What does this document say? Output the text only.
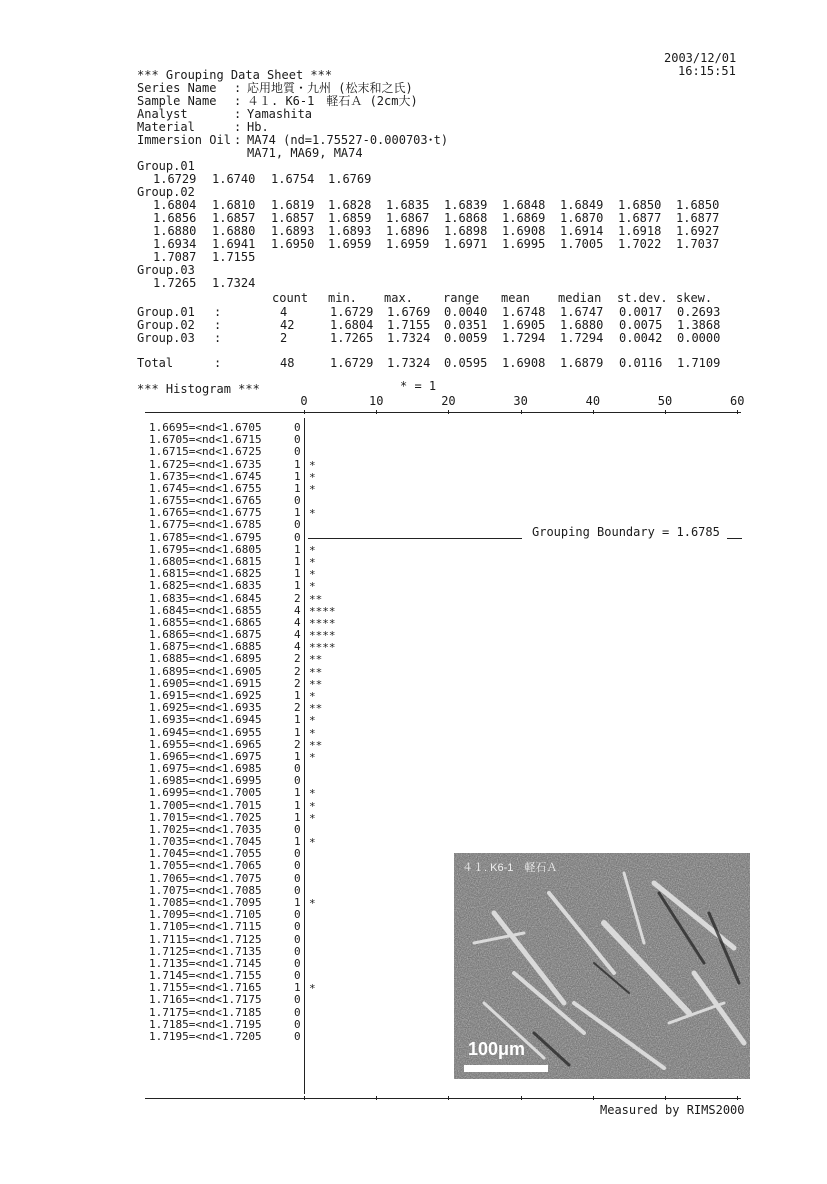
2003/12/01
16:15:51
*** Grouping Data Sheet ***
Series Name : 応用地質・九州 (松末和之氏)
Sample Name : ４１. K6-1　軽石Ａ (2cm大)
Analyst	: Yamashita
Material	: Hb.
Immersion Oil : MA74 (nd=1.75527-0.000703･t)
MA71, MA69, MA74
Group.01
1.6729 1.6740 1.6754 1.6769
Group.02
1.6804 1.6810 1.6819 1.6828 1.6835 1.6839 1.6848 1.6849 1.6850 1.6850
1.6856 1.6857 1.6857 1.6859 1.6867 1.6868 1.6869 1.6870 1.6877 1.6877
1.6880 1.6880 1.6893 1.6893 1.6896 1.6898 1.6908 1.6914 1.6918 1.6927
1.6934 1.6941 1.6950 1.6959 1.6959 1.6971 1.6995 1.7005 1.7022 1.7037
1.7087 1.7155
Group.03
1.7265 1.7324
count min. max.	range mean median st.dev. skew.
Group.01 :	4	1.6729 1.6769 0.0040 1.6748 1.6747 0.0017 0.2693
Group.02 :	42	1.6804 1.7155 0.0351 1.6905 1.6880 0.0075 1.3868
Group.03 :	2	1.7265 1.7324 0.0059 1.7294 1.7294 0.0042 0.0000
Total	:	48	1.6729 1.7324 0.0595 1.6908 1.6879 0.0116 1.7109
*** Histogram ***	* = 1
0	10	20	30	40	50	60
1.6695=<nd<1.6705	0
1.6705=<nd<1.6715	0
1.6715=<nd<1.6725	0
1.6725=<nd<1.6735	1 *
1.6735=<nd<1.6745	1 *
1.6745=<nd<1.6755	1 *
1.6755=<nd<1.6765	0
1.6765=<nd<1.6775	1 *
1.6775=<nd<1.6785	0
1.6785=<nd<1.6795	0
1.6795=<nd<1.6805	1 *
1.6805=<nd<1.6815	1 *
1.6815=<nd<1.6825	1 *
1.6825=<nd<1.6835	1 *
1.6835=<nd<1.6845	2 **
1.6845=<nd<1.6855	4 ****
1.6855=<nd<1.6865	4 ****
1.6865=<nd<1.6875	4 ****
1.6875=<nd<1.6885	4 ****
1.6885=<nd<1.6895	2 **
1.6895=<nd<1.6905	2 **
1.6905=<nd<1.6915	2 **
1.6915=<nd<1.6925	1 *
1.6925=<nd<1.6935	2 **
1.6935=<nd<1.6945	1 *
1.6945=<nd<1.6955	1 *
1.6955=<nd<1.6965	2 **
1.6965=<nd<1.6975	1 *
1.6975=<nd<1.6985	0
1.6985=<nd<1.6995	0
1.6995=<nd<1.7005	1 *
1.7005=<nd<1.7015	1 *
1.7015=<nd<1.7025	1 *
1.7025=<nd<1.7035	0
1.7035=<nd<1.7045	1 *
1.7045=<nd<1.7055	0
1.7055=<nd<1.7065	0
1.7065=<nd<1.7075	0
1.7075=<nd<1.7085	0
1.7085=<nd<1.7095	1 *
1.7095=<nd<1.7105	0
1.7105=<nd<1.7115	0
1.7115=<nd<1.7125	0
1.7125=<nd<1.7135	0
1.7135=<nd<1.7145	0
1.7145=<nd<1.7155	0
1.7155=<nd<1.7165	1 *
1.7165=<nd<1.7175	0
1.7175=<nd<1.7185	0
1.7185=<nd<1.7195	0
1.7195=<nd<1.7205	0
Grouping Boundary = 1.6785
４１. K6-1　軽石Ａ
100μm
Measured by RIMS2000
